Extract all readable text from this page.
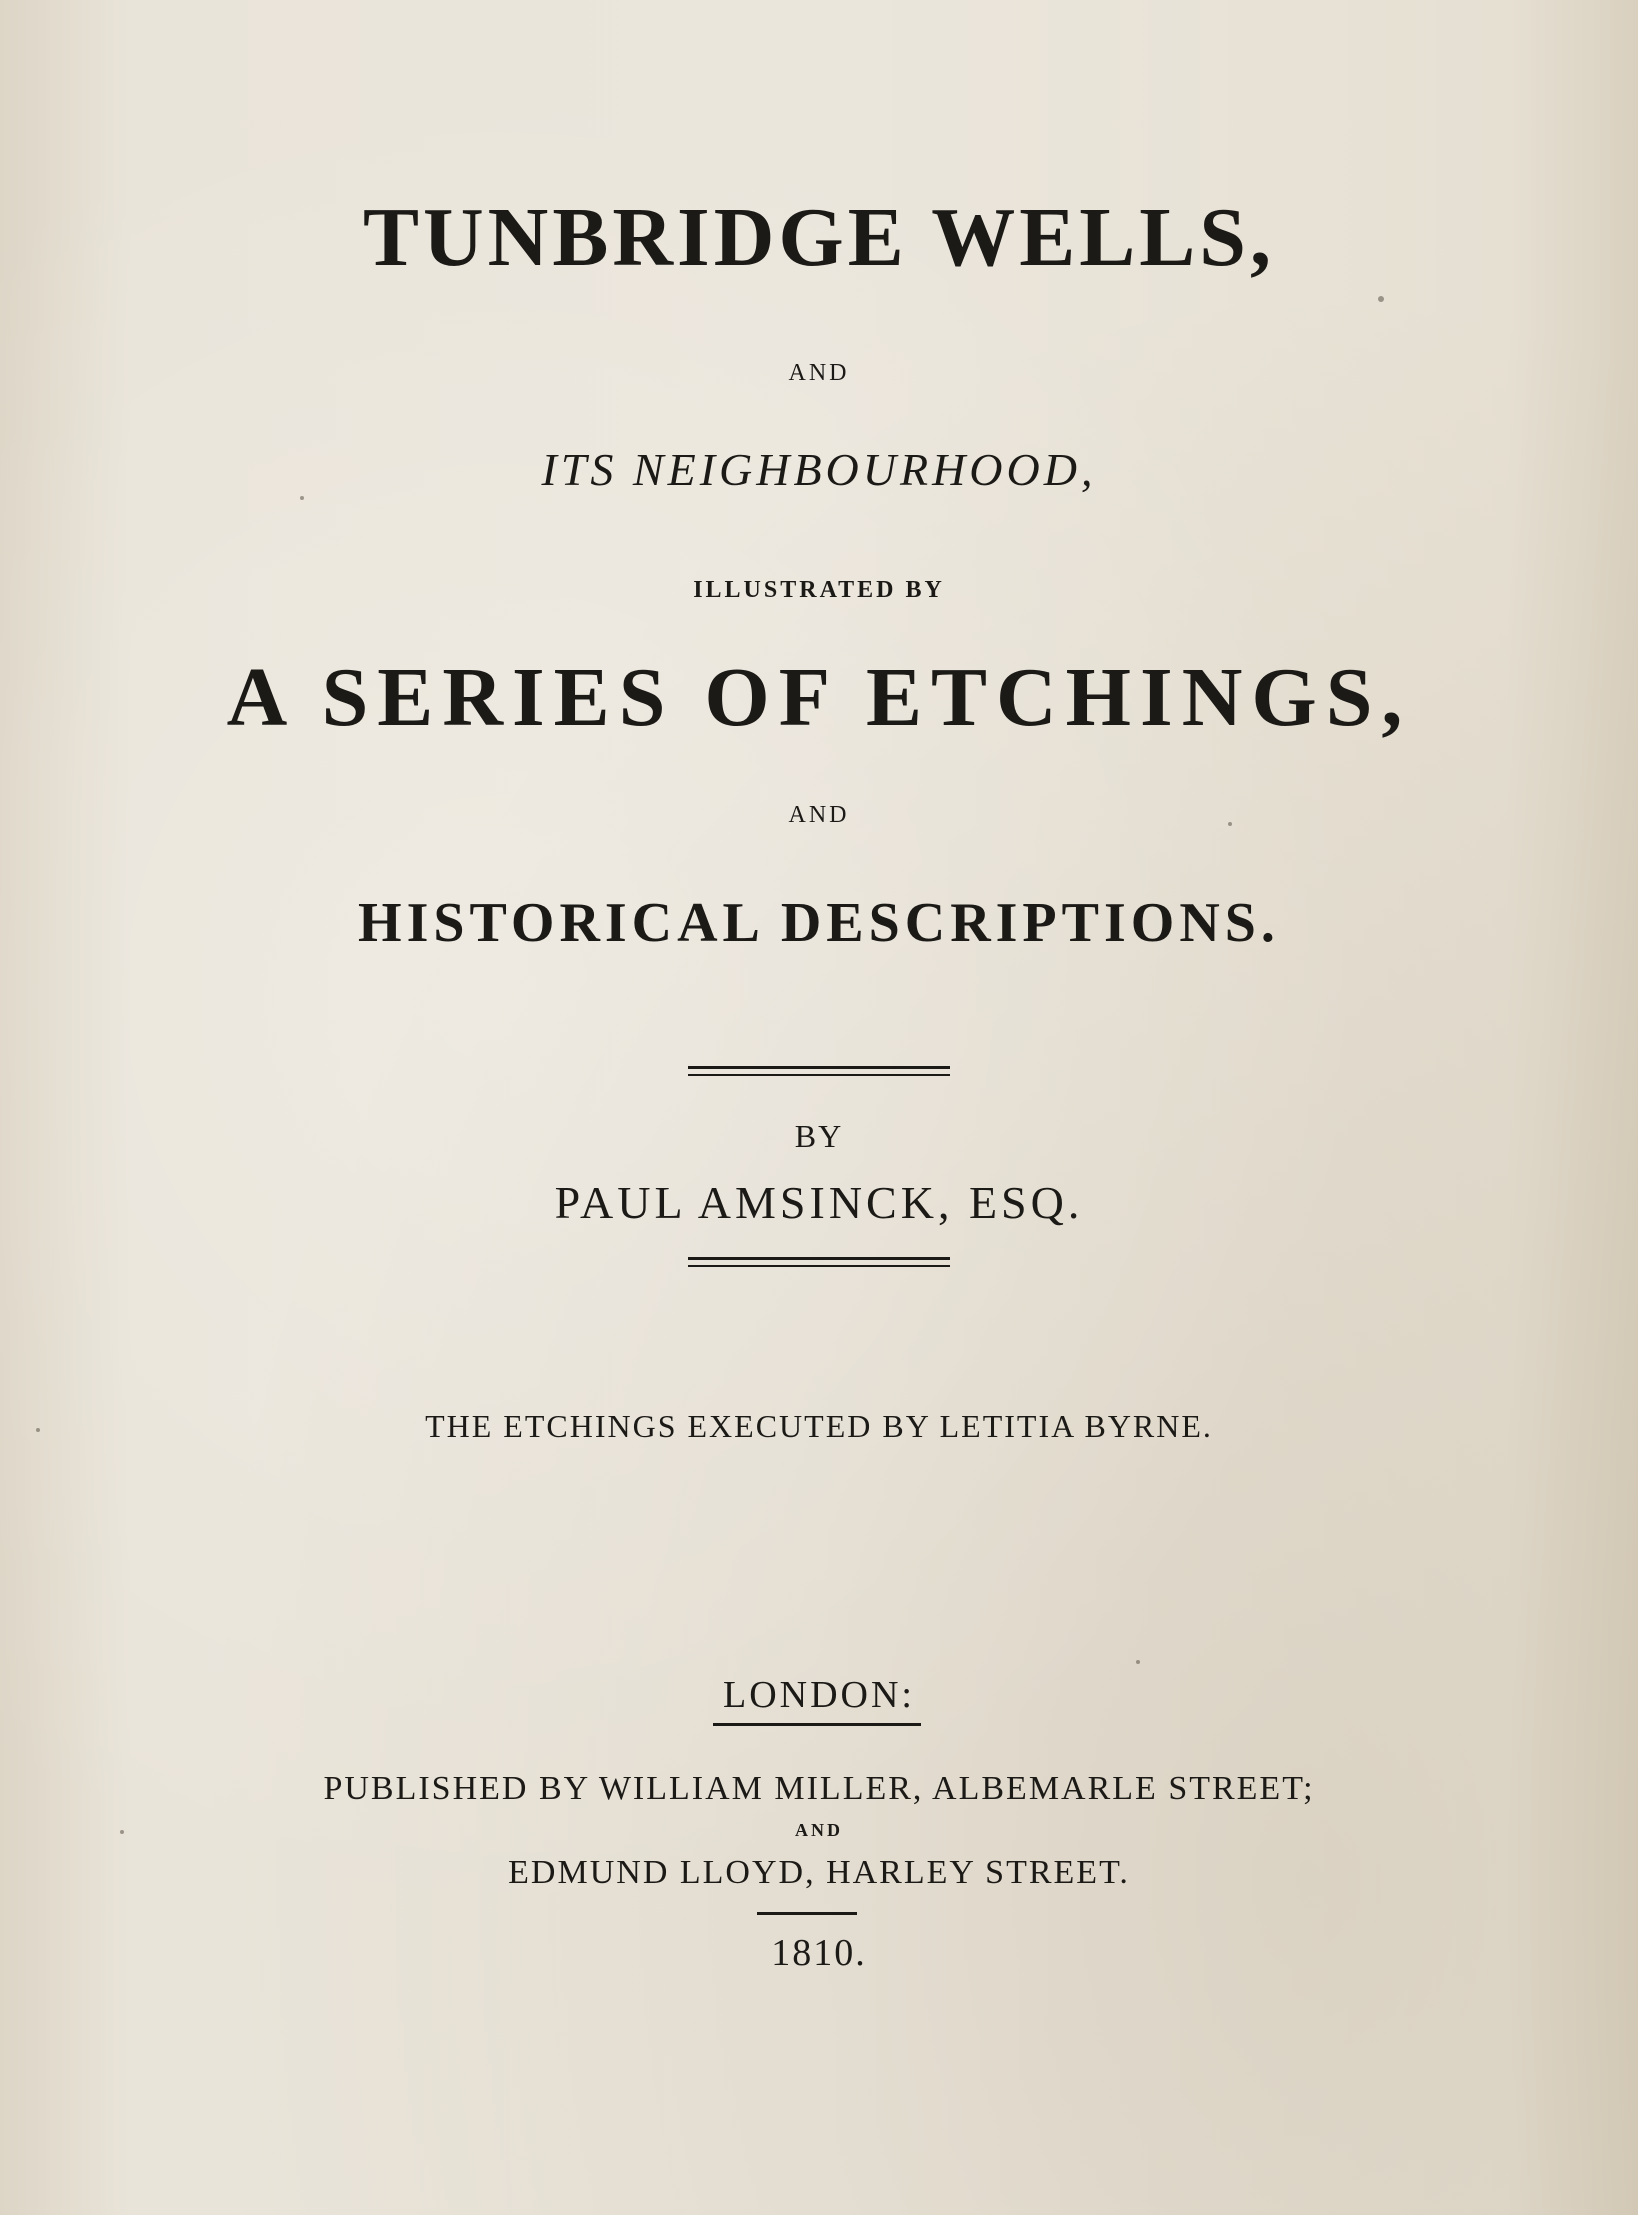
TUNBRIDGE WELLS,

AND

ITS NEIGHBOURHOOD,

ILLUSTRATED BY

A SERIES OF ETCHINGS,

AND

HISTORICAL DESCRIPTIONS.

BY

PAUL AMSINCK, ESQ.

THE ETCHINGS EXECUTED BY LETITIA BYRNE.

LONDON:

PUBLISHED BY WILLIAM MILLER, ALBEMARLE STREET;

AND

EDMUND LLOYD, HARLEY STREET.

1810.
